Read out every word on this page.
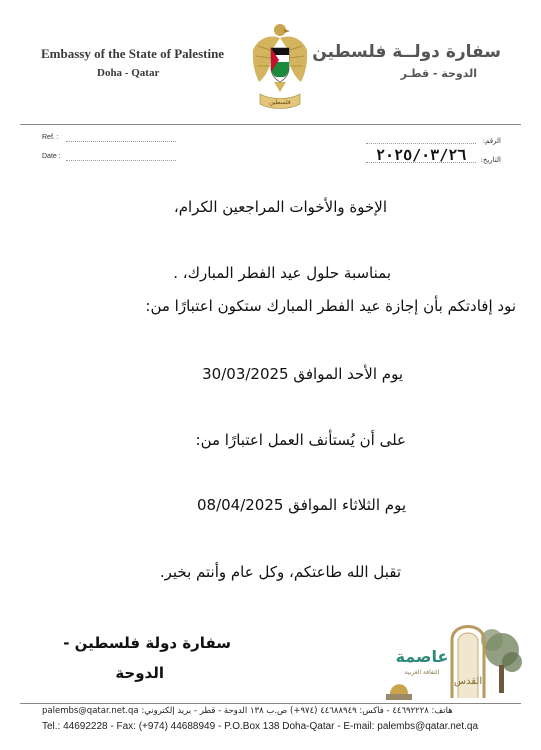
Embassy of the State of Palestine
Doha - Qatar
سفارة دولــة فلسطين
الدوحة - قطـر
فلسطين
Ref. :
Date :
الرقم:
التاريخ:
٢٠٢٥/٠٣/٢٦
الإخوة والأخوات المراجعين الكرام،
بمناسبة حلول عيد الفطر المبارك، .
نود إفادتكم بأن إجازة عيد الفطر المبارك ستكون اعتبارًا من:
يوم الأحد الموافق 30/03/2025
على أن يُستأنف العمل اعتبارًا من:
يوم الثلاثاء الموافق 08/04/2025
تقبل الله طاعتكم، وكل عام وأنتم بخير.
سفارة دولة فلسطين -
الدوحة	القدس
عاصمة
الثقافة العربية
هاتف: ٤٤٦٩٢٢٢٨ - فاكس: ٤٤٦٨٨٩٤٩ (٩٧٤+) ص.ب ١٣٨ الدوحة - قطر - بريد إلكتروني: palembs@qatar.net.qa
Tel.: 44692228 - Fax: (+974) 44688949 - P.O.Box 138 Doha-Qatar - E-mail: palembs@qatar.net.qa
